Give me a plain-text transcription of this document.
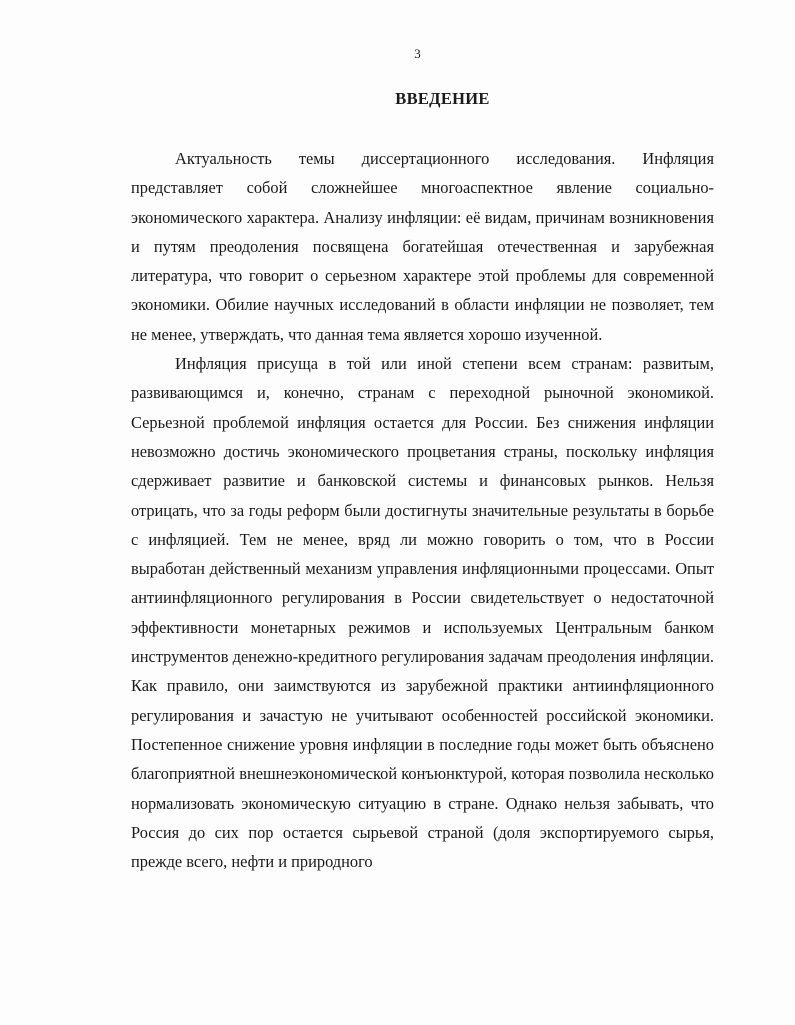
3
ВВЕДЕНИЕ

Актуальность темы диссертационного исследования. Инфляция представляет собой сложнейшее многоаспектное явление социально-экономического характера. Анализу инфляции: её видам, причинам возникновения и путям преодоления посвящена богатейшая отечественная и зарубежная литература, что говорит о серьезном характере этой проблемы для современной экономики. Обилие научных исследований в области инфляции не позволяет, тем не менее, утверждать, что данная тема является хорошо изученной.

Инфляция присуща в той или иной степени всем странам: развитым, развивающимся и, конечно, странам с переходной рыночной экономикой. Серьезной проблемой инфляция остается для России. Без снижения инфляции невозможно достичь экономического процветания страны, поскольку инфляция сдерживает развитие и банковской системы и финансовых рынков. Нельзя отрицать, что за годы реформ были достигнуты значительные результаты в борьбе с инфляцией. Тем не менее, вряд ли можно говорить о том, что в России выработан действенный механизм управления инфляционными процессами. Опыт антиинфляционного регулирования в России свидетельствует о недостаточной эффективности монетарных режимов и используемых Центральным банком инструментов денежно-кредитного регулирования задачам преодоления инфляции. Как правило, они заимствуются из зарубежной практики антиинфляционного регулирования и зачастую не учитывают особенностей российской экономики. Постепенное снижение уровня инфляции в последние годы может быть объяснено благоприятной внешнеэкономической конъюнктурой, которая позволила несколько нормализовать экономическую ситуацию в стране. Однако нельзя забывать, что Россия до сих пор остается сырьевой страной (доля экспортируемого сырья, прежде всего, нефти и природного
